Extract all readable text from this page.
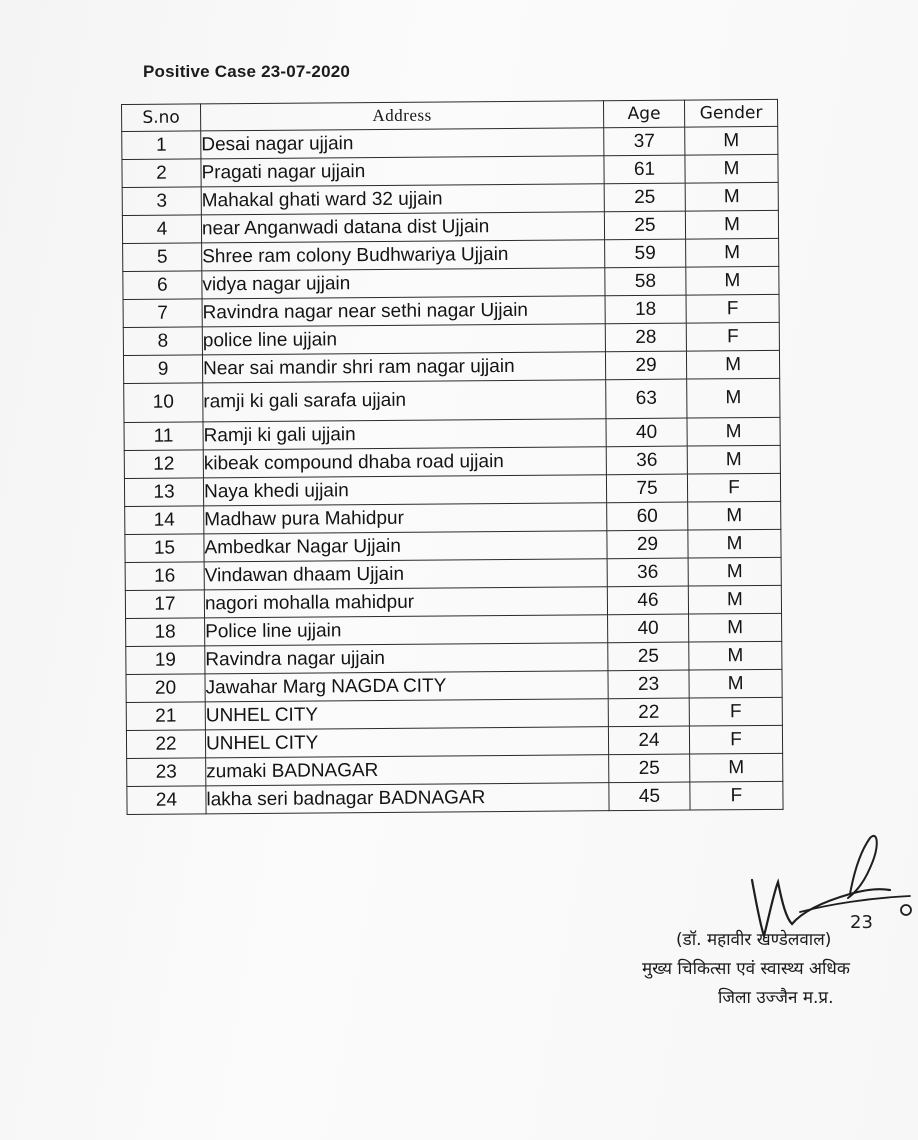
Positive Case 23-07-2020
S.no	Address	Age	Gender
1	Desai nagar ujjain	37	M
2	Pragati nagar ujjain	61	M
3	Mahakal ghati ward 32 ujjain	25	M
4	near Anganwadi datana dist Ujjain	25	M
5	Shree ram colony Budhwariya Ujjain	59	M
6	vidya nagar ujjain	58	M
7	Ravindra nagar near sethi nagar Ujjain	18	F
8	police line ujjain	28	F
9	Near sai mandir shri ram nagar ujjain	29	M
10	ramji ki gali sarafa ujjain	63	M
11	Ramji ki gali ujjain	40	M
12	kibeak compound dhaba road ujjain	36	M
13	Naya khedi ujjain	75	F
14	Madhaw pura Mahidpur	60	M
15	Ambedkar Nagar Ujjain	29	M
16	Vindawan dhaam Ujjain	36	M
17	nagori mohalla mahidpur	46	M
18	Police line ujjain	40	M
19	Ravindra nagar ujjain	25	M
20	Jawahar Marg NAGDA CITY	23	M
21	UNHEL CITY	22	F
22	UNHEL CITY	24	F
23	zumaki BADNAGAR	25	M
24	lakha seri badnagar BADNAGAR	45	F
23
(डॉ. महावीर खण्डेलवाल)
मुख्य चिकित्सा एवं स्वास्थ्य अधिक
जिला उज्जैन म.प्र.
